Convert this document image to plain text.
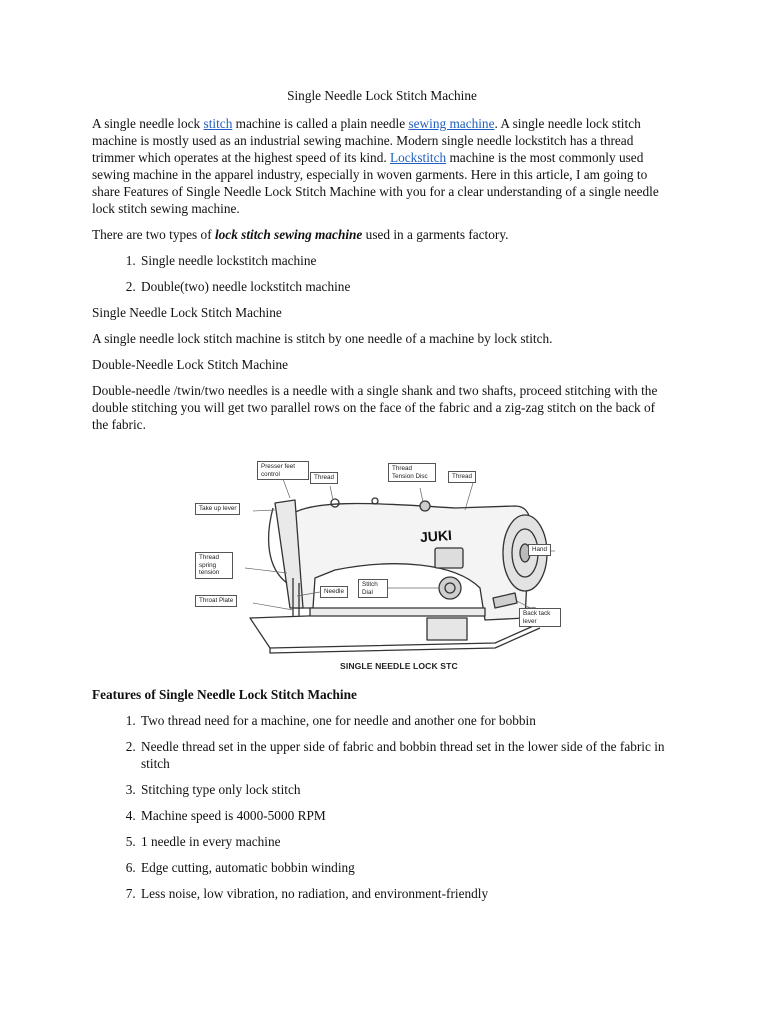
Single Needle Lock Stitch Machine

A single needle lock stitch machine is called a plain needle sewing machine. A single needle lock stitch machine is mostly used as an industrial sewing machine. Modern single needle lockstitch has a thread trimmer which operates at the highest speed of its kind. Lockstitch machine is the most commonly used sewing machine in the apparel industry, especially in woven garments. Here in this article, I am going to share Features of Single Needle Lock Stitch Machine with you for a clear understanding of a single needle lock stitch sewing machine.

There are two types of lock stitch sewing machine used in a garments factory.

1. Single needle lockstitch machine
2. Double(two) needle lockstitch machine

Single Needle Lock Stitch Machine

A single needle lock stitch machine is stitch by one needle of a machine by lock stitch.

Double-Needle Lock Stitch Machine

Double-needle /twin/two needles is a needle with a single shank and two shafts, proceed stitching with the double stitching you will get two parallel rows on the face of the fabric and a zig-zag stitch on the back of the fabric.

JUKI
Presser feet control	Thread
Thread Tension Disc	Thread
Take up lever
Hand
Thread spring tension
Needle
Stitch Dial
Throat Plate
Back tack lever
SINGLE NEEDLE LOCK STC

Features of Single Needle Lock Stitch Machine

1. Two thread need for a machine, one for needle and another one for bobbin
2. Needle thread set in the upper side of fabric and bobbin thread set in the lower side of the fabric in stitch
3. Stitching type only lock stitch
4. Machine speed is 4000-5000 RPM
5. 1 needle in every machine
6. Edge cutting, automatic bobbin winding
7. Less noise, low vibration, no radiation, and environment-friendly
